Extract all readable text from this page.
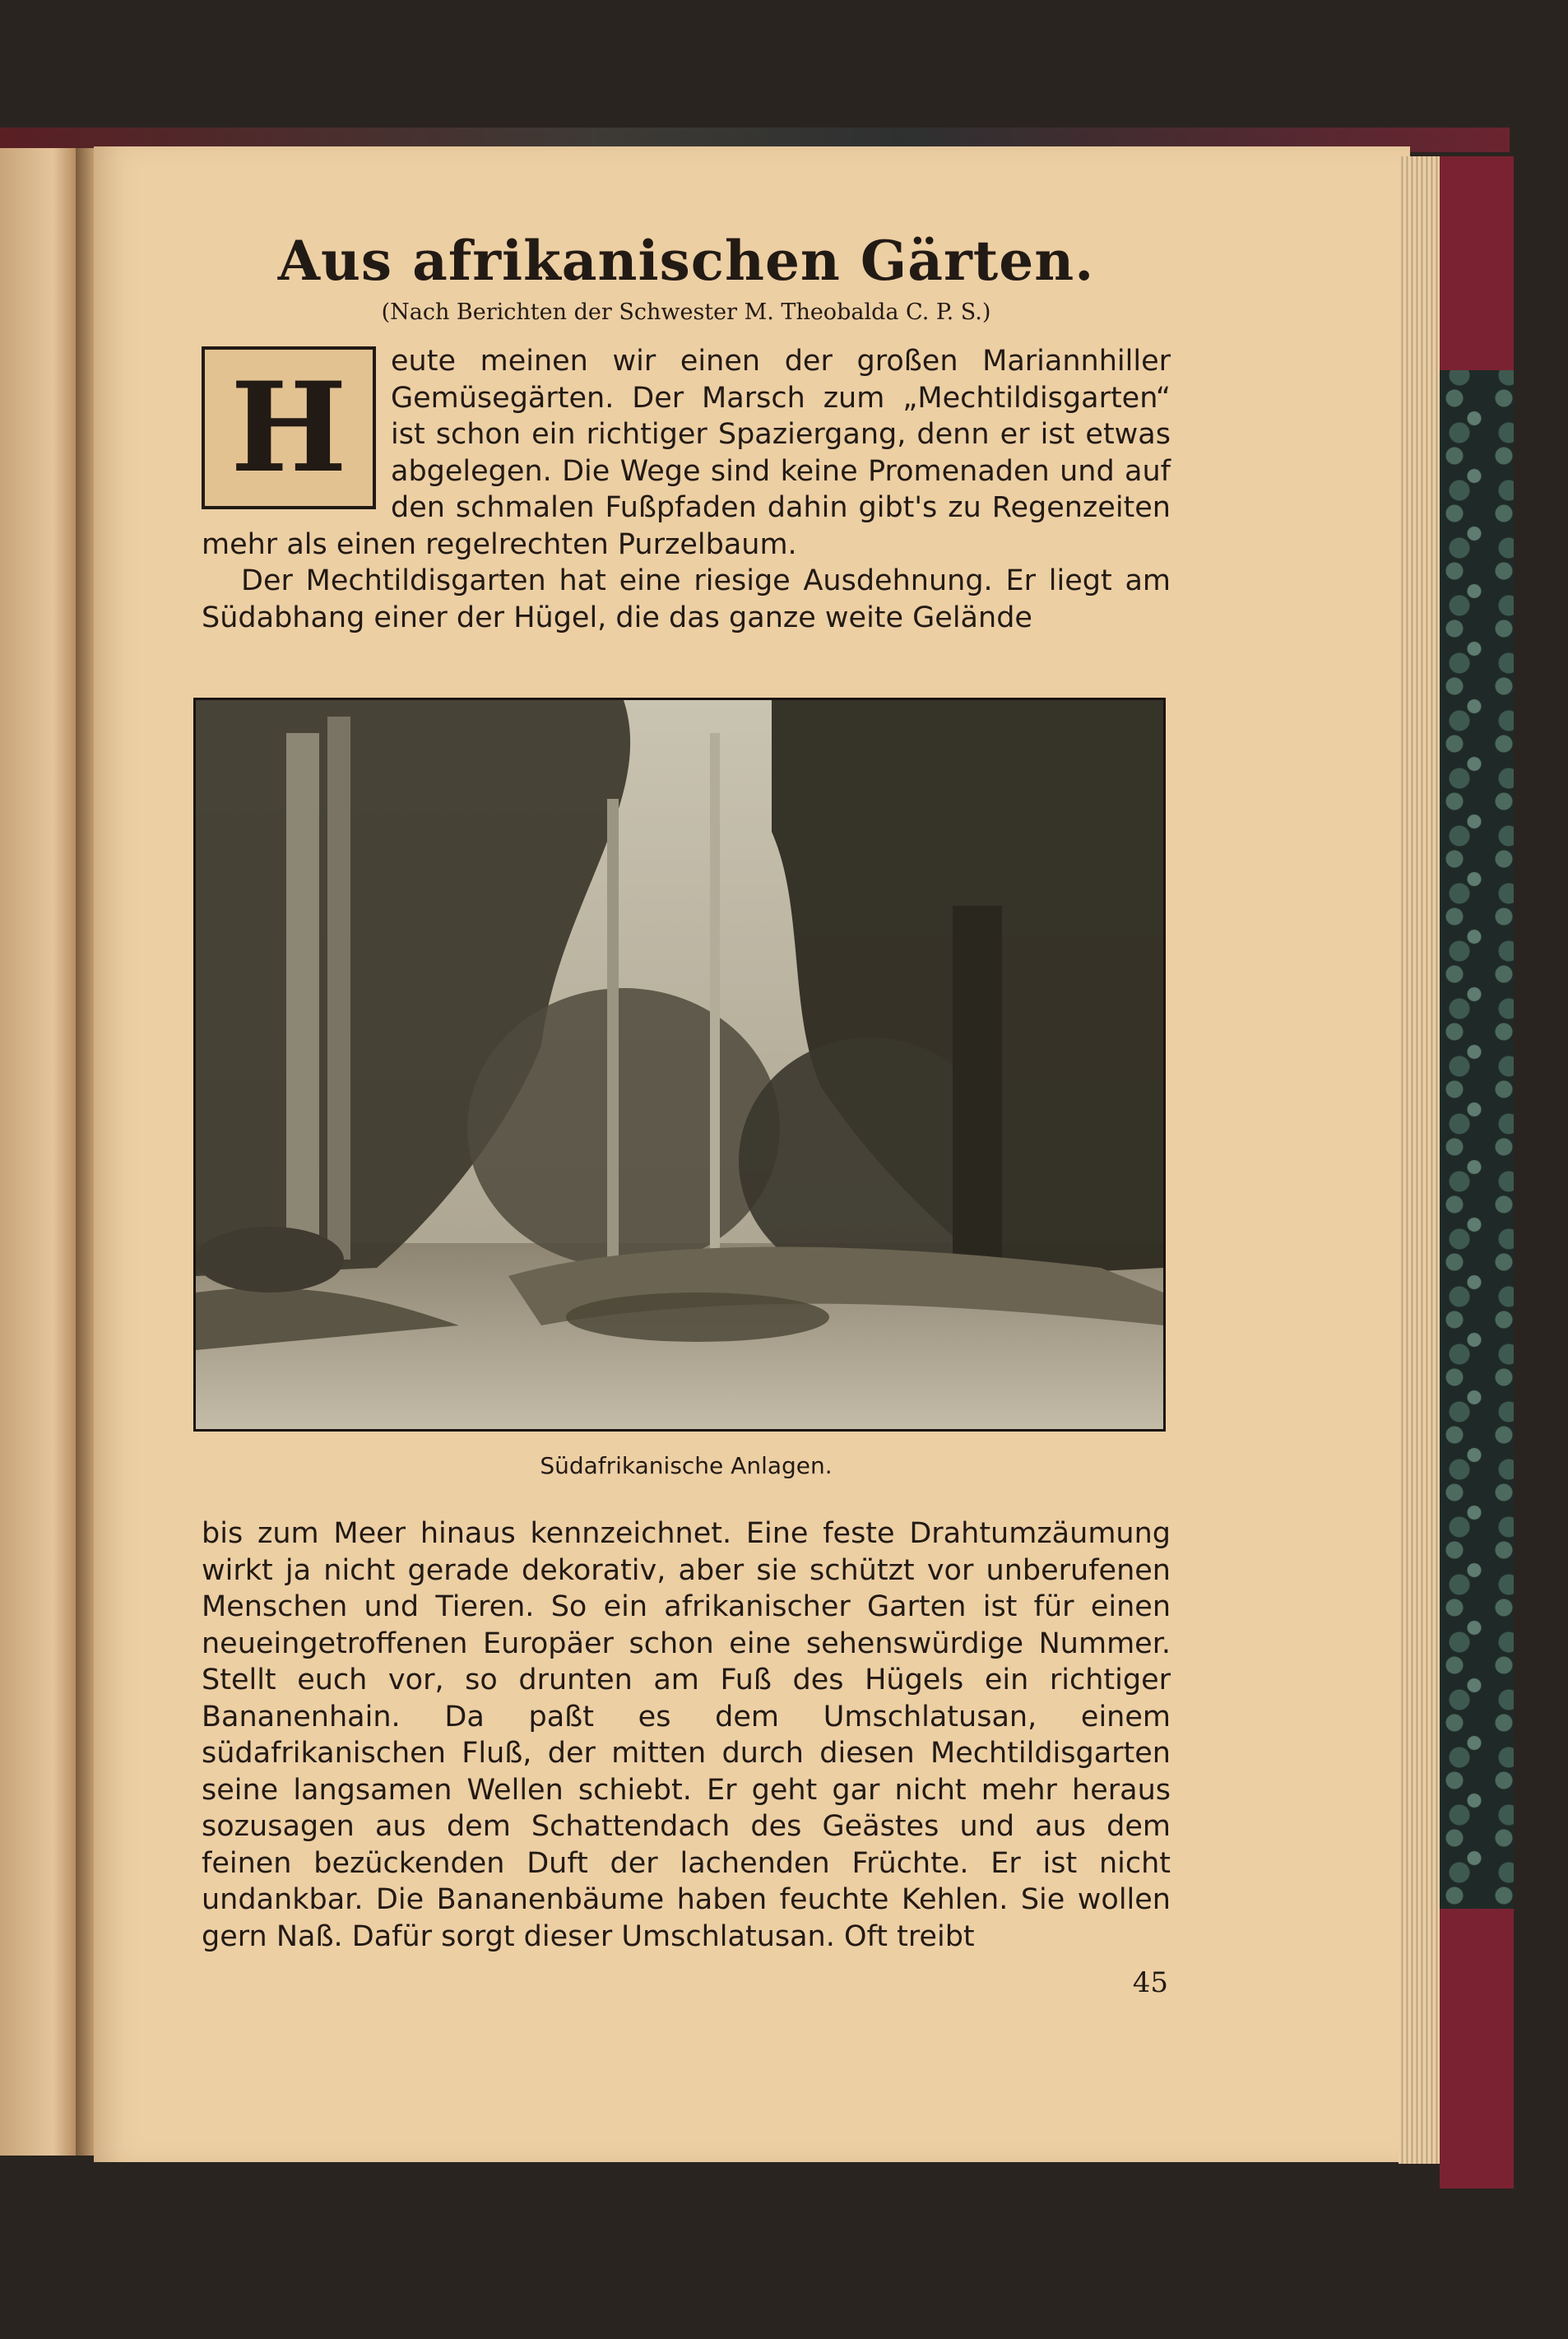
Aus afrikanischen Gärten.
(Nach Berichten der Schwester M. Theobalda C. P. S.)

H	eute meinen wir einen der großen Mariannhiller Gemüsegärten. Der Marsch zum „Mechtildisgarten“ ist schon ein richtiger Spaziergang, denn er ist etwas abgelegen. Die Wege sind keine Promenaden und auf den schmalen Fußpfaden dahin gibt's zu Regenzeiten mehr als einen regelrechten Purzelbaum.

Der Mechtildisgarten hat eine riesige Ausdehnung. Er liegt am Südabhang einer der Hügel, die das ganze weite Gelände

Südafrikanische Anlagen.

bis zum Meer hinaus kennzeichnet. Eine feste Drahtumzäumung wirkt ja nicht gerade dekorativ, aber sie schützt vor unberufenen Menschen und Tieren. So ein afrikanischer Garten ist für einen neueingetroffenen Europäer schon eine sehenswürdige Nummer. Stellt euch vor, so drunten am Fuß des Hügels ein richtiger Bananenhain. Da paßt es dem Umschlatusan, einem südafrikanischen Fluß, der mitten durch diesen Mechtildisgarten seine langsamen Wellen schiebt. Er geht gar nicht mehr heraus sozusagen aus dem Schattendach des Geästes und aus dem feinen bezückenden Duft der lachenden Früchte. Er ist nicht undankbar. Die Bananenbäume haben feuchte Kehlen. Sie wollen gern Naß. Dafür sorgt dieser Umschlatusan. Oft treibt

45
